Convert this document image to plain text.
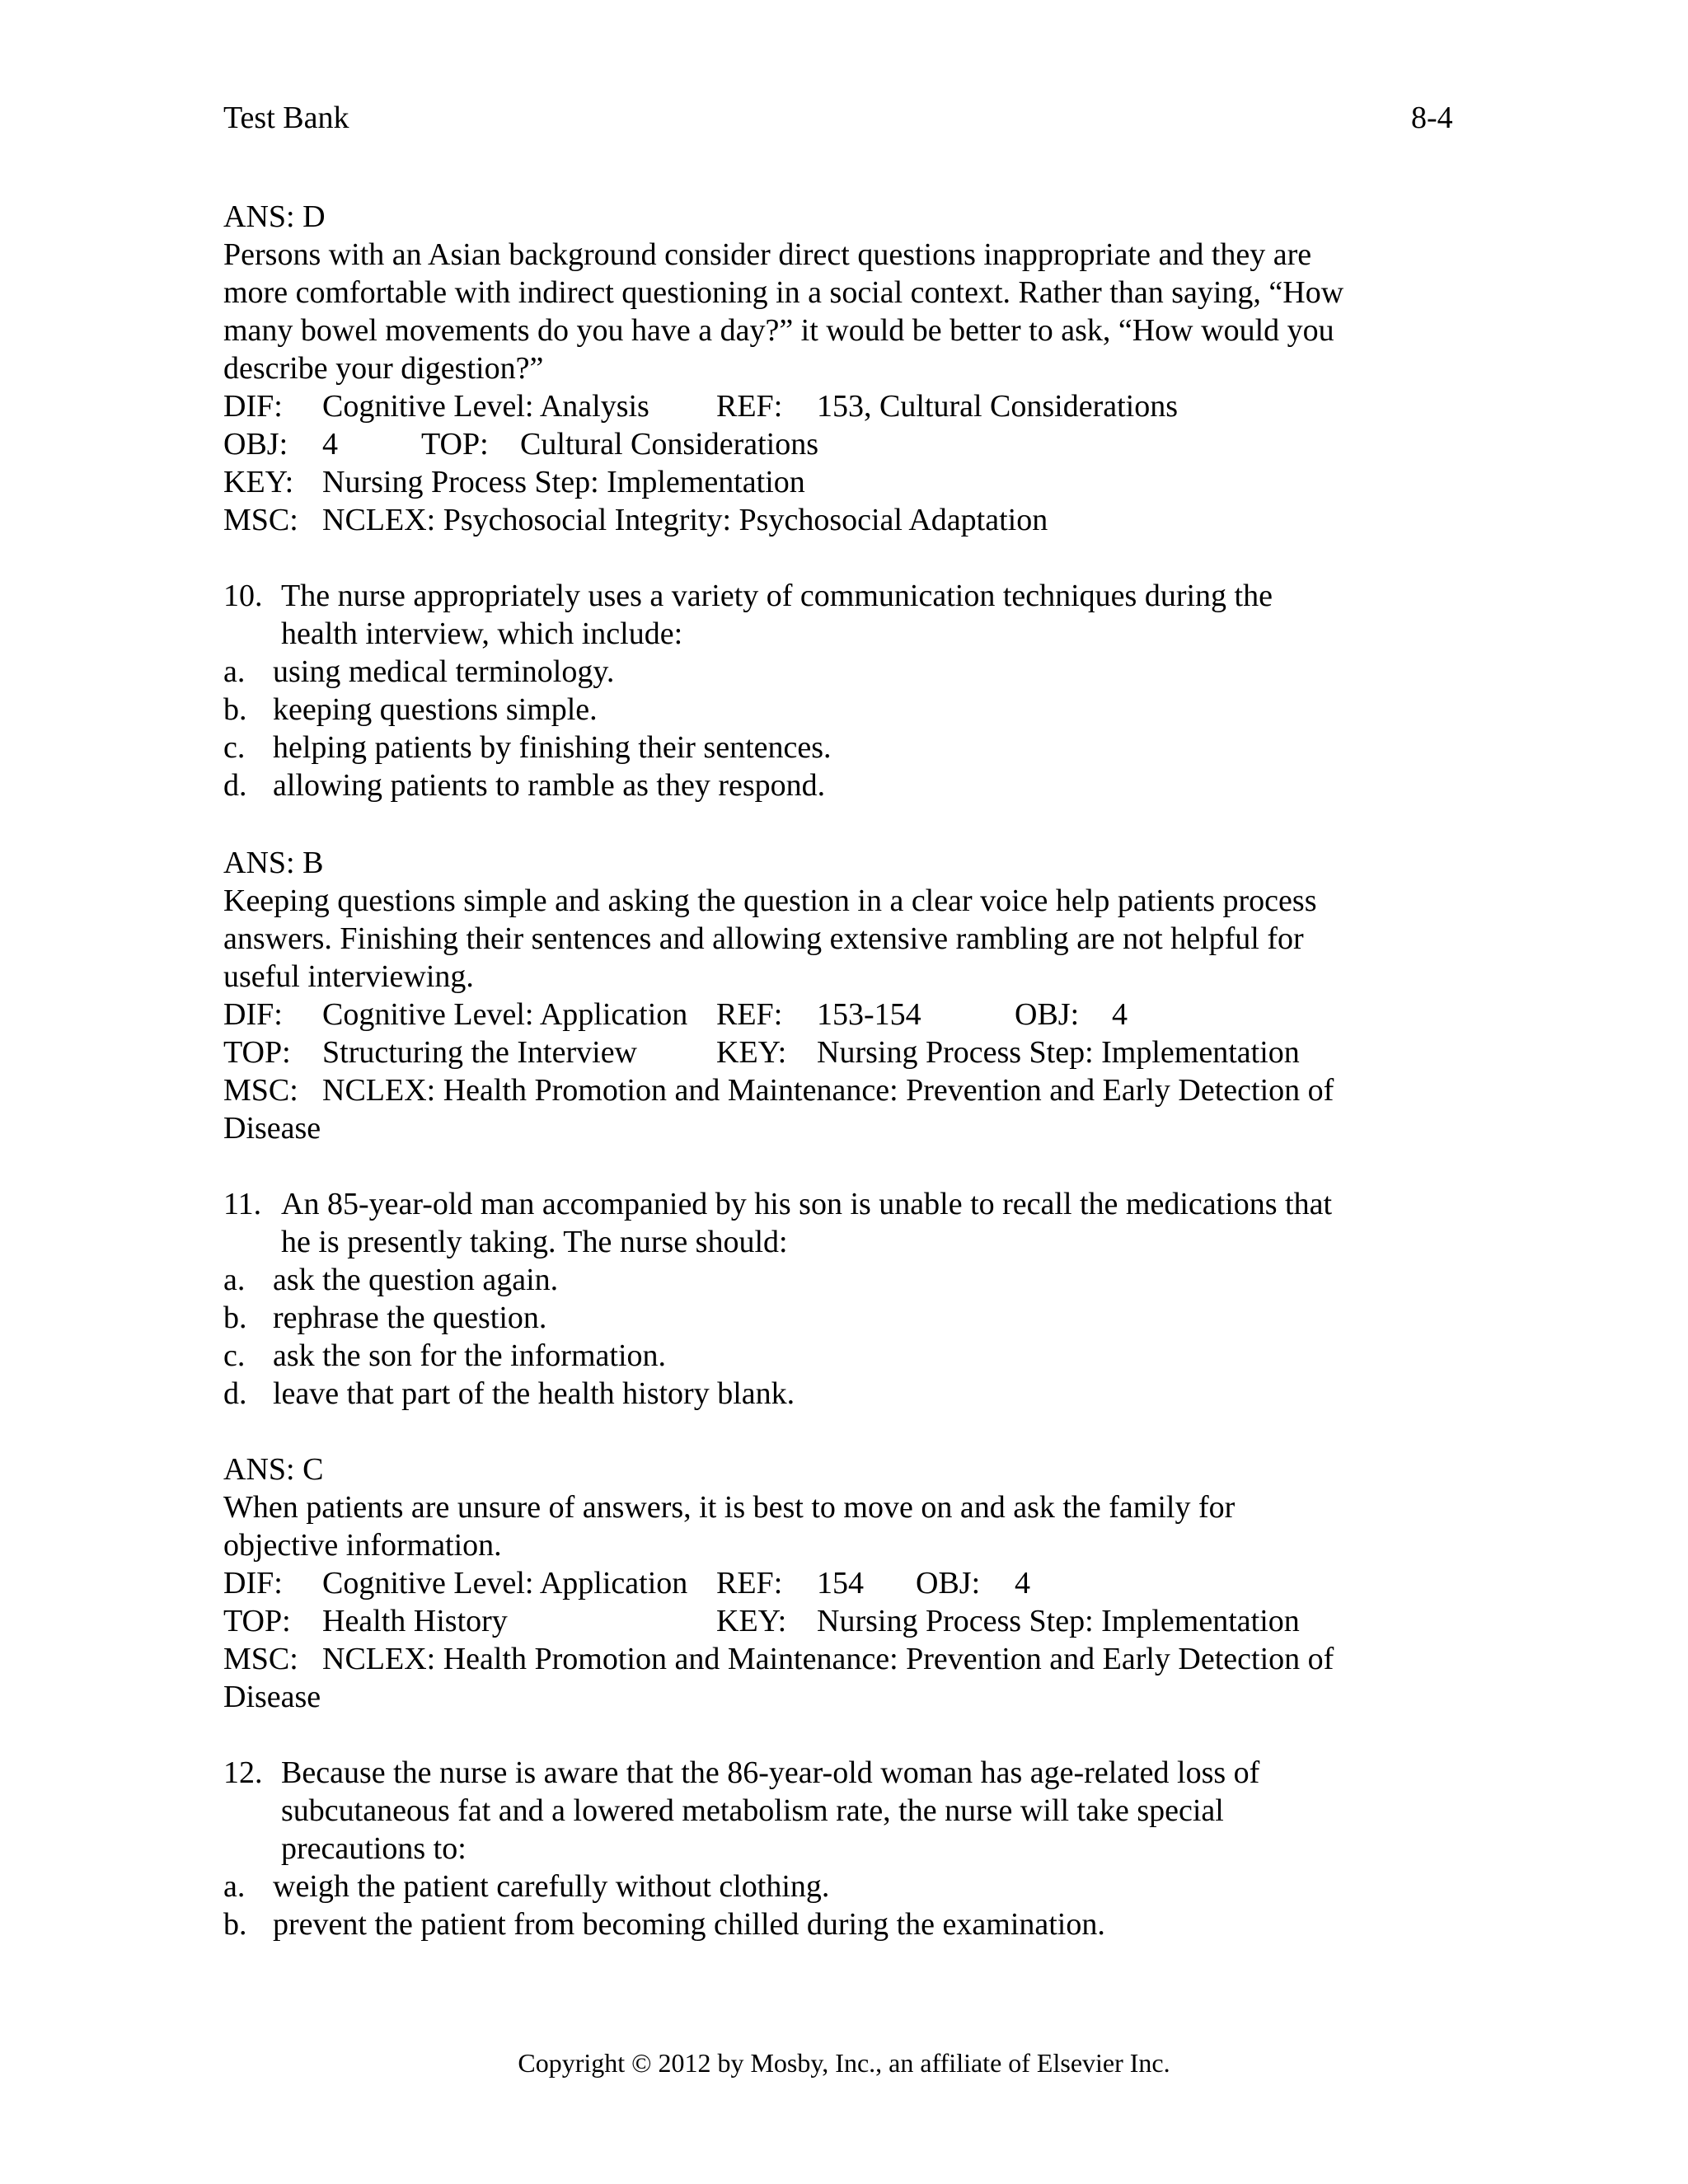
Test Bank	8-4
ANS: D
Persons with an Asian background consider direct questions inappropriate and they are
more comfortable with indirect questioning in a social context. Rather than saying, “How
many bowel movements do you have a day?” it would be better to ask, “How would you
describe your digestion?”
DIF: Cognitive Level: Analysis REF: 153, Cultural Considerations
OBJ: 4	TOP: Cultural Considerations
KEY: Nursing Process Step: Implementation
MSC: NCLEX: Psychosocial Integrity: Psychosocial Adaptation
10. The nurse appropriately uses a variety of communication techniques during the
health interview, which include:
a. using medical terminology.
b. keeping questions simple.
c. helping patients by finishing their sentences.
d. allowing patients to ramble as they respond.
ANS: B
Keeping questions simple and asking the question in a clear voice help patients process
answers. Finishing their sentences and allowing extensive rambling are not helpful for
useful interviewing.
DIF: Cognitive Level: Application REF: 153-154	OBJ: 4
TOP: Structuring the Interview	KEY: Nursing Process Step: Implementation
MSC: NCLEX: Health Promotion and Maintenance: Prevention and Early Detection of
Disease
11. An 85-year-old man accompanied by his son is unable to recall the medications that
he is presently taking. The nurse should:
a. ask the question again.
b. rephrase the question.
c. ask the son for the information.
d. leave that part of the health history blank.
ANS: C
When patients are unsure of answers, it is best to move on and ask the family for
objective information.
DIF: Cognitive Level: Application REF: 154 OBJ: 4
TOP: Health History	KEY: Nursing Process Step: Implementation
MSC: NCLEX: Health Promotion and Maintenance: Prevention and Early Detection of
Disease
12. Because the nurse is aware that the 86-year-old woman has age-related loss of
subcutaneous fat and a lowered metabolism rate, the nurse will take special
precautions to:
a. weigh the patient carefully without clothing.
b. prevent the patient from becoming chilled during the examination.
Copyright © 2012 by Mosby, Inc., an affiliate of Elsevier Inc.
